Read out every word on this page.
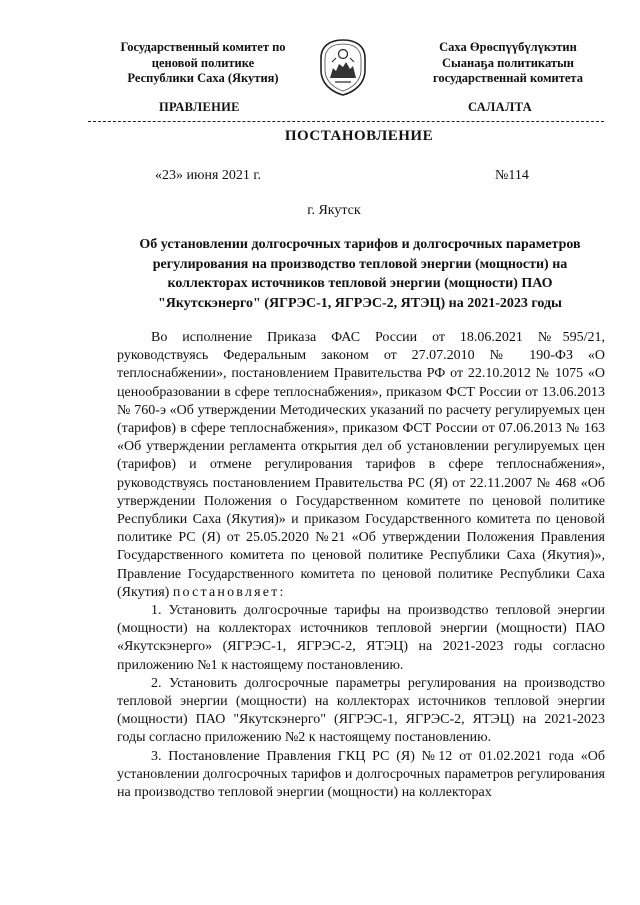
Государственный комитет по
ценовой политике
Республики Саха (Якутия)
Саха Өрөспүүбүлүкэтин
Сыанаҕа политикатын
государственнай комитета
ПРАВЛЕНИЕ	САЛАЛТА
ПОСТАНОВЛЕНИЕ
«23» июня 2021 г.	№114
г. Якутск
Об установлении долгосрочных тарифов и долгосрочных параметров регулирования на производство тепловой энергии (мощности) на коллекторах источников тепловой энергии (мощности) ПАО "Якутскэнерго" (ЯГРЭС-1, ЯГРЭС-2, ЯТЭЦ) на 2021-2023 годы

Во исполнение Приказа ФАС России от 18.06.2021 №595/21, руководствуясь Федеральным законом от 27.07.2010 № 190-ФЗ «О теплоснабжении», постановлением Правительства РФ от 22.10.2012 № 1075 «О ценообразовании в сфере теплоснабжения», приказом ФСТ России от 13.06.2013 № 760-э «Об утверждении Методических указаний по расчету регулируемых цен (тарифов) в сфере теплоснабжения», приказом ФСТ России от 07.06.2013 № 163 «Об утверждении регламента открытия дел об установлении регулируемых цен (тарифов) и отмене регулирования тарифов в сфере теплоснабжения», руководствуясь постановлением Правительства РС (Я) от 22.11.2007 № 468 «Об утверждении Положения о Государственном комитете по ценовой политике Республики Саха (Якутия)» и приказом Государственного комитета по ценовой политике РС (Я) от 25.05.2020 №21 «Об утверждении Положения Правления Государственного комитета по ценовой политике Республики Саха (Якутия)», Правление Государственного комитета по ценовой политике Республики Саха (Якутия) постановляет:

1. Установить долгосрочные тарифы на производство тепловой энергии (мощности) на коллекторах источников тепловой энергии (мощности) ПАО «Якутскэнерго» (ЯГРЭС-1, ЯГРЭС-2, ЯТЭЦ) на 2021-2023 годы согласно приложению №1 к настоящему постановлению.

2. Установить долгосрочные параметры регулирования на производство тепловой энергии (мощности) на коллекторах источников тепловой энергии (мощности) ПАО "Якутскэнерго" (ЯГРЭС-1, ЯГРЭС-2, ЯТЭЦ) на 2021-2023 годы согласно приложению №2 к настоящему постановлению.

3. Постановление Правления ГКЦ РС (Я) №12 от 01.02.2021 года «Об установлении долгосрочных тарифов и долгосрочных параметров регулирования на производство тепловой энергии (мощности) на коллекторах
